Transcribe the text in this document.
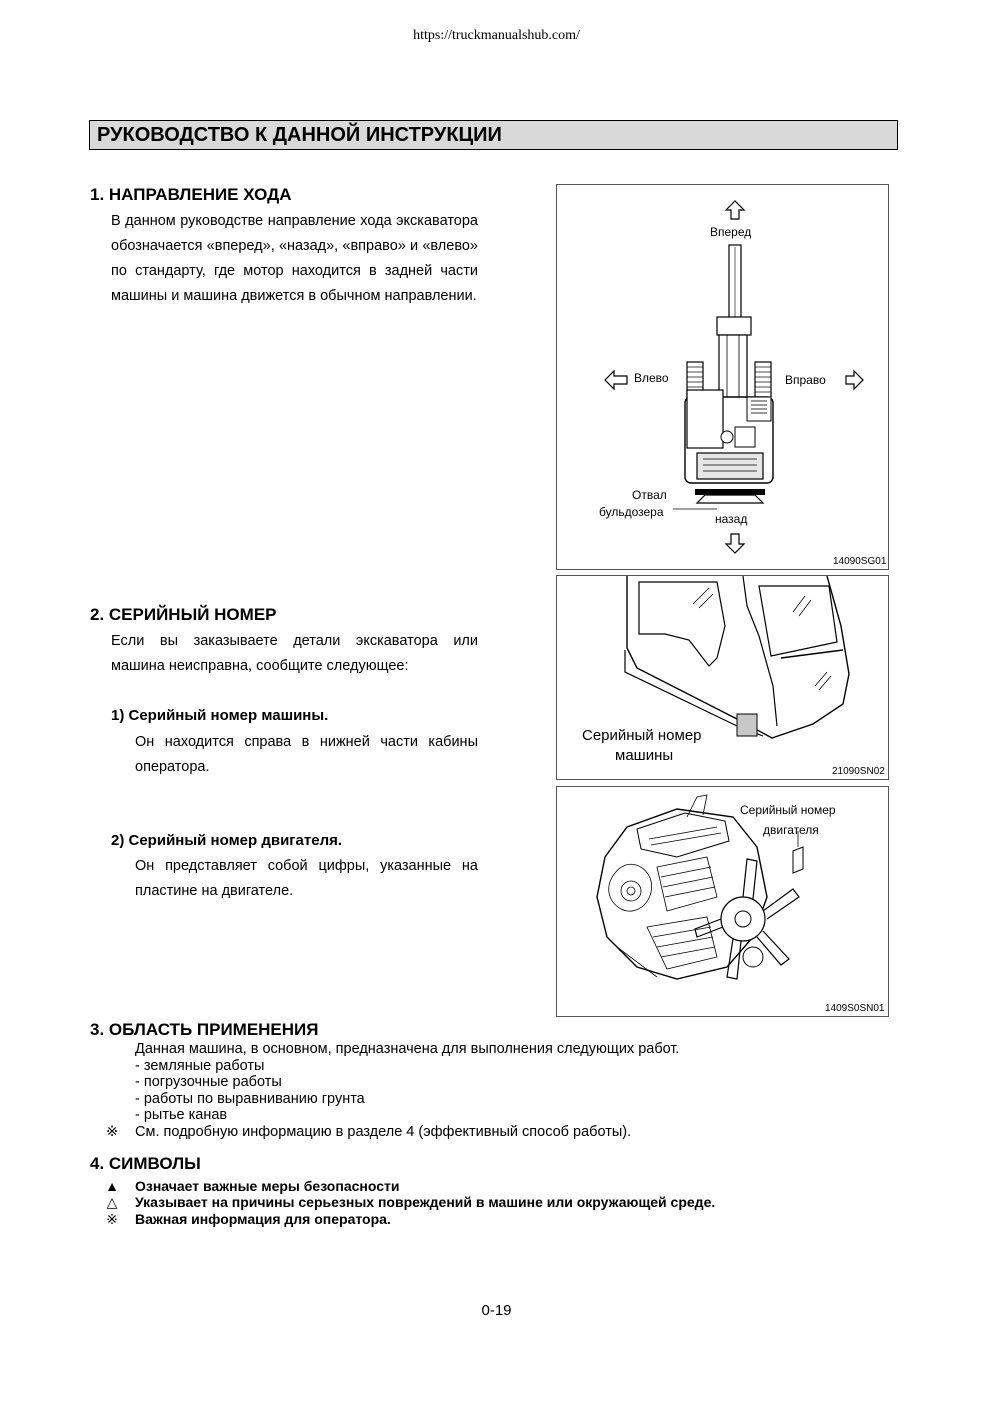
https://truckmanualshub.com/
РУКОВОДСТВО К ДАННОЙ ИНСТРУКЦИИ
1. НАПРАВЛЕНИЕ ХОДА
В данном руководстве направление хода экскаватора обозначается «вперед», «назад», «вправо» и «влево» по стандарту, где мотор находится в задней части машины и машина движется в обычном направлении.
Вперед
Влево	Вправо
Отвал
бульдозера	назад
14090SG01
2. СЕРИЙНЫЙ НОМЕР
Если вы заказываете детали экскаватора или машина неисправна, сообщите следующее:
1) Серийный номер машины.
Он находится справа в нижней части кабины оператора.
2) Серийный номер двигателя.
Он представляет собой цифры, указанные на пластине на двигателе.
Серийный номер
машины
21090SN02
Серийный номер
двигателя
1409S0SN01
3. ОБЛАСТЬ ПРИМЕНЕНИЯ
Данная машина, в основном, предназначена для выполнения следующих работ.
- земляные работы
- погрузочные работы
- работы по выравниванию грунта
- рытье канав
※ См. подробную информацию в разделе 4 (эффективный способ работы).
4. СИМВОЛЫ
▲ Означает важные меры безопасности
△ Указывает на причины серьезных повреждений в машине или окружающей среде.
※ Важная информация для оператора.
0-19
